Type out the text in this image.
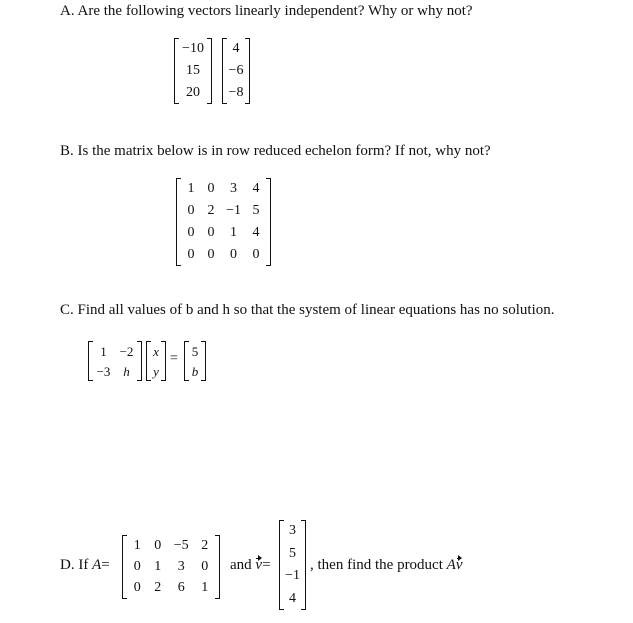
A. Are the following vectors linearly independent? Why or why not?
−10
15
20
4
−6
−8
B. Is the matrix below is in row reduced echelon form? If not, why not?
1 0 3 4
0 2 −1 5
0 0 1 4
0 0 0 0
C. Find all values of b and h so that the system of linear equations has no solution.
1 −2
−3 h
x
y
= 5
b
D. If A=
1 0 −5 2
0 1 3 0
0 2 6 1
and v=
3
5
−1
4
, then find the product Av
